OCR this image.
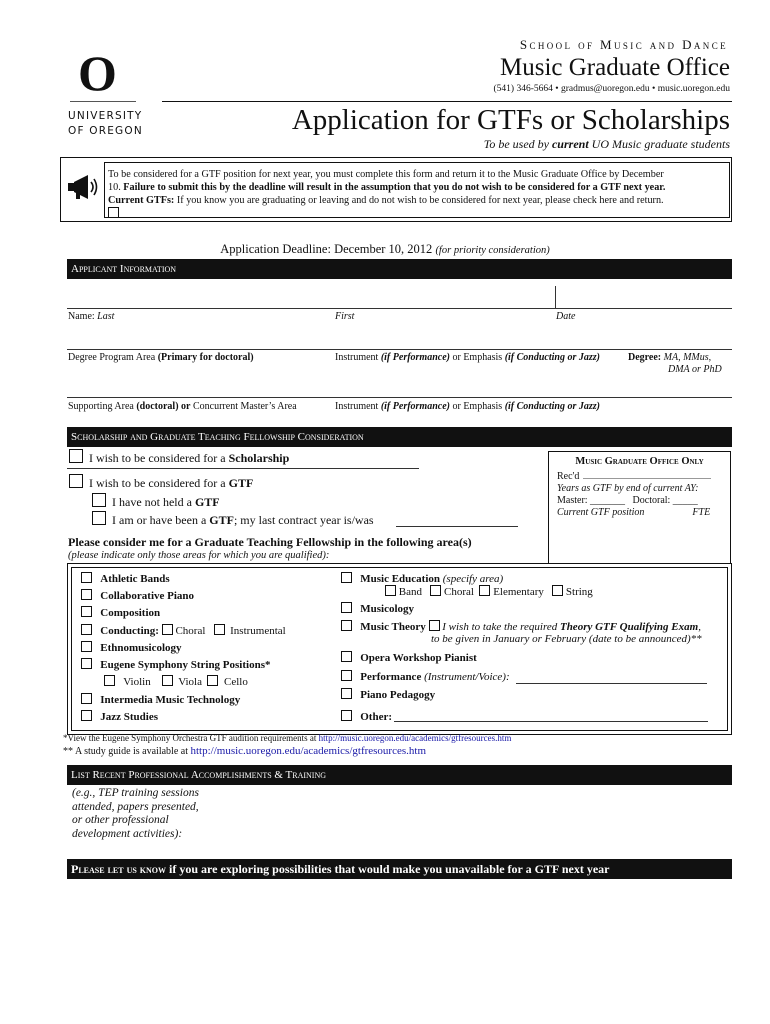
O
UNIVERSITY
OF OREGON
School of Music and Dance
Music Graduate Office
(541) 346-5664 • gradmus@uoregon.edu • music.uoregon.edu
Application for GTFs or Scholarships
To be used by current UO Music graduate students
To be considered for a GTF position for next year, you must complete this form and return it to the Music Graduate Office by December
10. Failure to submit this by the deadline will result in the assumption that you do not wish to be considered for a GTF next year.
Current GTFs: If you know you are graduating or leaving and do not wish to be considered for next year, please check here and return.
Application Deadline: December 10, 2012 (for priority consideration)
Applicant Information
Name: Last	First	Date
Degree Program Area (Primary for doctoral)	Instrument (if Performance) or Emphasis (if Conducting or Jazz)	Degree: MA, MMus,
DMA or PhD
Supporting Area (doctoral) or Concurrent Master’s Area	Instrument (if Performance) or Emphasis (if Conducting or Jazz)
Scholarship and Graduate Teaching Fellowship Consideration
I wish to be considered for a Scholarship
I wish to be considered for a GTF
I have not held a GTF
I am or have been a GTF; my last contract year is/was
Music Graduate Office Only
Rec'd
Years as GTF by end of current AY:
Master: _______ Doctoral: _____
Current GTF position	FTE
Please consider me for a Graduate Teaching Fellowship in the following area(s)
(please indicate only those areas for which you are qualified):
Athletic Bands
Collaborative Piano
Composition
Conducting: Choral Instrumental
Ethnomusicology
Eugene Symphony String Positions*
Violin	Viola Cello
Intermedia Music Technology
Jazz Studies
Music Education (specify area)
Band Choral Elementary String
Musicology
Music Theory I wish to take the required Theory GTF Qualifying Exam,
to be given in January or February (date to be announced)**
Opera Workshop Pianist
Performance (Instrument/Voice):
Piano Pedagogy
Other:
*View the Eugene Symphony Orchestra GTF audition requirements at http://music.uoregon.edu/academics/gtfresources.htm
** A study guide is available at http://music.uoregon.edu/academics/gtfresources.htm
List Recent Professional Accomplishments & Training
(e.g., TEP training sessions
attended, papers presented,
or other professional
development activities):
Please let us know if you are exploring possibilities that would make you unavailable for a GTF next year
